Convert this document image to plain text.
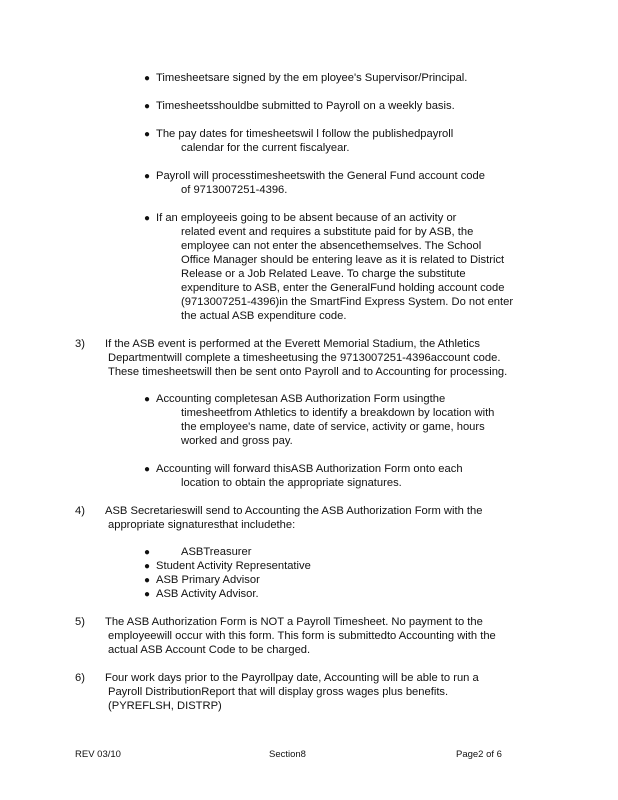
● Timesheetsare signed by the em ployee's Supervisor/Principal.
● Timesheetsshouldbe submitted to Payroll on a weekly basis.
● The pay dates for timesheetswil l follow the publishedpayroll
calendar for the current fiscalyear.
● Payroll will processtimesheetswith the General Fund account code
of 9713007251-4396.
● If an employeeis going to be absent because of an activity or
related event and requires a substitute paid for by ASB, the
employee can not enter the absencethemselves. The School
Office Manager should be entering leave as it is related to District
Release or a Job Related Leave. To charge the substitute
expenditure to ASB, enter the GeneralFund holding account code
(9713007251-4396)in the SmartFind Express System. Do not enter
the actual ASB expenditure code.
3) If the ASB event is performed at the Everett Memorial Stadium, the Athletics
Departmentwill complete a timesheetusing the 9713007251-4396account code.
These timesheetswill then be sent onto Payroll and to Accounting for processing.
● Accounting completesan ASB Authorization Form usingthe
timesheetfrom Athletics to identify a breakdown by location with
the employee's name, date of service, activity or game, hours
worked and gross pay.
● Accounting will forward thisASB Authorization Form onto each
location to obtain the appropriate signatures.
4) ASB Secretarieswill send to Accounting the ASB Authorization Form with the
appropriate signaturesthat includethe:
●	ASBTreasurer
● Student Activity Representative
● ASB Primary Advisor
● ASB Activity Advisor.
5) The ASB Authorization Form is NOT a Payroll Timesheet. No payment to the
employeewill occur with this form. This form is submittedto Accounting with the
actual ASB Account Code to be charged.
6) Four work days prior to the Payrollpay date, Accounting will be able to run a
Payroll DistributionReport that will display gross wages plus benefits.
(PYREFLSH, DISTRP)
REV 03/10	Section8	Page2 of 6
